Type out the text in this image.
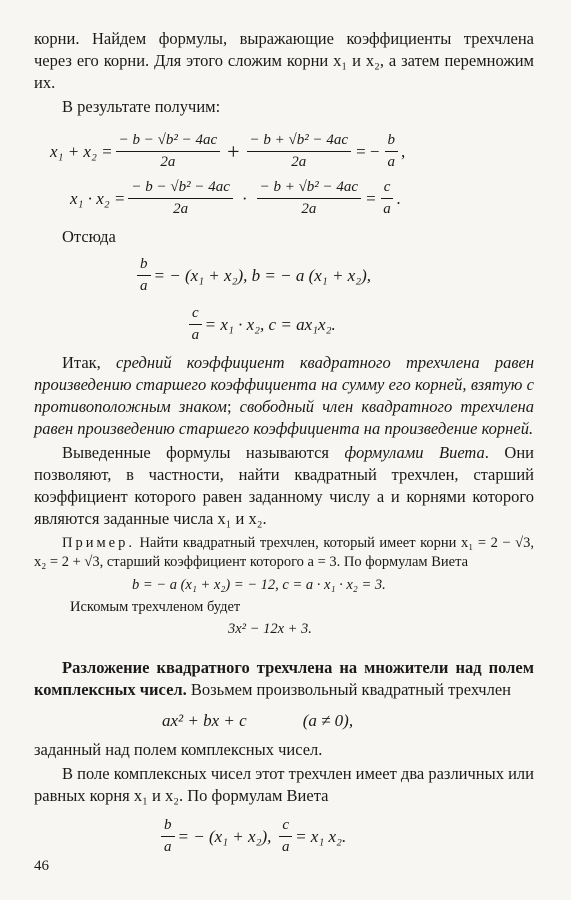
корни. Найдем формулы, выражающие коэффициенты трехчлена через его корни. Для этого сложим корни x₁ и x₂, а затем перемножим их.

В результате получим:

$x_1 + x_2 = \frac{\text{− b − √b² − 4ac}}{2a} + \frac{\text{− b + √b² − 4ac}}{2a}$ = − $\frac{b}{a}$ ,
$x_1 \cdot x_2 = \frac{\text{− b − √b² − 4ac}}{2a} \cdot \frac{\text{− b + √b² − 4ac}}{2a} = \frac{c}{a}$ .

Отсюда

$\frac{b}{a}$ = − (x₁ + x₂), b = − a (x₁ + x₂),
$\frac{c}{a} = x_1 \cdot x_2$, c = ax₁x₂.

Итак, средний коэффициент квадратного трехчлена равен произведению старшего коэффициента на сумму его корней, взятую с противоположным знаком; свободный член квадратного трехчлена равен произведению старшего коэффициента на произведение корней.

Выведенные формулы называются формулами Виета. Они позволяют, в частности, найти квадратный трехчлен, старший коэффициент которого равен заданному числу a и корнями которого являются заданные числа x₁ и x₂.

Пример. Найти квадратный трехчлен, который имеет корни x₁ = 2 − √3, x₂ = 2 + √3, старший коэффициент которого a = 3. По формулам Виета

b = − a (x₁ + x₂) = − 12, c = a · x₁ · x₂ = 3.

Искомым трехчленом будет

3x² − 12x + 3.

Разложение квадратного трехчлена на множители над полем комплексных чисел. Возьмем произвольный квадратный трехчлен

ax² + bx + c	(a ≠ 0),

заданный над полем комплексных чисел.

В поле комплексных чисел этот трехчлен имеет два различных или равных корня x₁ и x₂. По формулам Виета

$\frac{b}{a}$ = − (x₁ + x₂), $\frac{c}{a} = x_1$ x₂.
46
